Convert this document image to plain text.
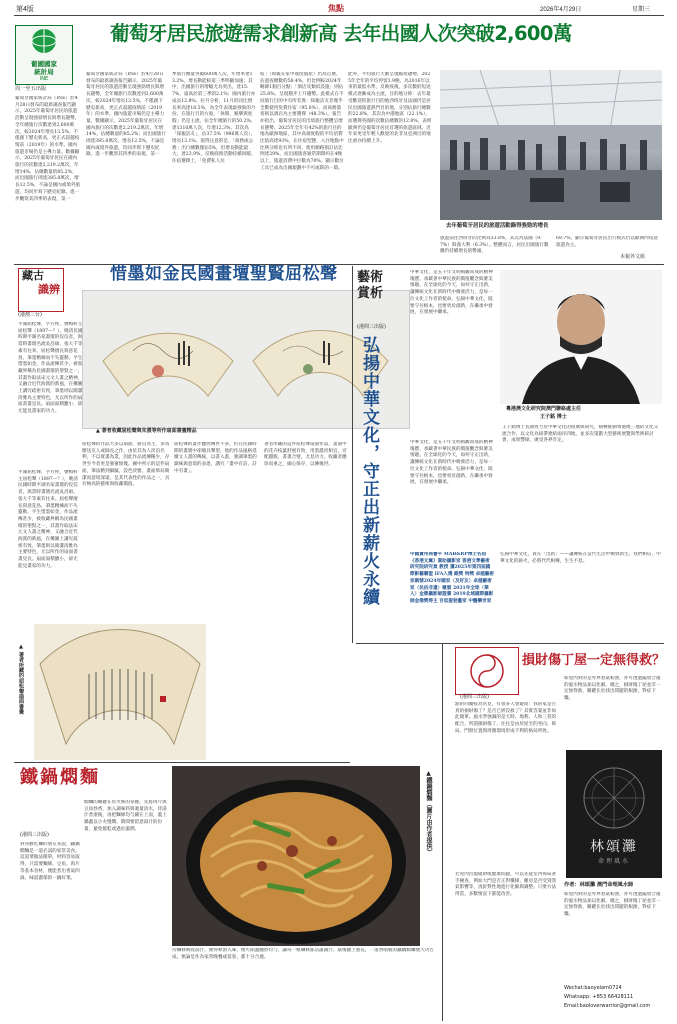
第4版	焦點	2026年4月29日	星期三
葡萄牙居民旅遊需求創新高 去年出國人次突破2,600萬
葡國國家
統計局
INE
周一至五出版
葡萄牙國家統計局（INE）於4月28日發布的最新調查報告顯示，2025年葡萄牙居民的旅遊活動呈現強勁增長與增長趨勢，全年總旅行次數達到2,600萬次，較2024年增長13.5%，不僅創下歷史新高，更正式超越疫情前（2019年）的水準。國內旅遊市場仍是主導力量。數據顯示，2025年葡萄牙居民在國內旅行的次數達2,219.2萬次，年增14%，佔總數量的85.2%；而出國旅行則達385.8萬次，增長12.5%，不論是國內或境外旅遊，均同步寫下歷史紀錄。進一步觀察其四季的表現，第一
葡萄牙國家統計局（INE）於4月28日發布的最新調查報告顯示，2025年葡萄牙居民的旅遊活動呈現強勁增長與增長趨勢，全年總旅行次數達到2,600萬次，較2024年增長13.5%，不僅創下歷史新高，更正式超越疫情前（2019年）的水準。國內旅遊市場仍是主導力量。數據顯示，2025年葡萄牙居民在國內旅行的次數達2,219.2萬次，年增14%，佔總數量的85.2%；而出國旅行則達385.8萬次，增長12.5%，不論是國內或境外旅遊，均同步寫下歷史紀錄。進一步觀察其四季的表現，第一
季旅行總量突破600萬人次，年增率達13.2%，增長動能較第三季明顯加速；其中，出國旅行的增幅尤為突出，達15.7%，遠高於第三季的2.1%；國內旅行亦成長12.8%。拉升分析，11月的同比增長率高達18.5%，為全年表現最強勁的月份。在旅行目的方面，「休閒、娛樂與度假」仍是主流，佔全年總旅行的50.2%，達1310萬人次，年增12.3%，其次為「探親訪友」，佔37.5%（986萬人次），增長13.1%。值得注意的是，「商務或公務」出行總數僅佔5%，但增長動能最大，達23.9%，反映商務活動持續回暖。住宿選擇上，「免費私人住
宿」（如親友家中或度假屋）仍為首選，佔過夜總數的58.4%，但比例較2024年略降1個百分點；「酒店及類似設施」則佔25.8%，呈現穩步上升趨勢。此模式在不同旅行目的中有所差異：探親訪友者幾乎全數使用免費住宿（95.0%），而商務旅客則以酒店為主要選擇（48.3%）。報告亦指出，葡萄牙居民的出境旅行整體呈增長態勢。2025年全年有42%的旅行目的地為歐洲地區，其中高端度假的平均消費比值高達93%，在住宿型態，入住地點中比例分佈也有所不同，使用網路預訂佔比例達29%，而出國旅客通常期間約在4晚以上，旅遊消費中位數為70%。顯示數位工具已成為出國規劃中不可或缺的一環。
此外，平均旅行天數呈現縮短趨勢，2025年全年的平均停留3.9晚，為2016年以來的最低水準，反映疫後，多次數的短途模式逐漸成為主流。目的地分佈：去年最受歡迎的旅行目的地西班牙及法國仍是居民出國旅遊熱門目的地，分別佔旅行總數的22.8%，其次為中港地區（22.1%），而選擇英國的次數佔總數的12.8%，表明歐洲仍是葡萄牙居民首選的旅遊區域。近年來更受年輕人歡迎的北非及亞洲目的地比重亦持續上升。
去年葡萄牙居民的旅遊活動錄得強勁的增長
旅遊前往西班牙的比例為33.8%，其次為法國（9.7%）與義大利（6.3%）。整體而言，居民出國旅行數據仍持續增長的勢頭。
69.7%，顯示葡萄牙居民出行模式仍以歐洲內短途旅遊為主。
本報外文組
藏古
識辨
(港澳三台)
惜墨如金民國畫壇聖賢屈松聲
▲ 著者收藏屈松聲與朱熹等所作扇面書畫精品
平湖屈松聲，字方侯，號梅軒主屈松聲（1897—？），晚清民國時期平湖名家畫壇的佼佼者，與當時畫壇名流吳昌碩、張大千等素有往來。屈松聲擅長寫意花鳥，筆墨精煉而不失靈動，平生惜墨如金，作品流傳甚少，被收藏界稱為民國畫壇的聖賢之一，其畫作取法宋元文人畫之精神，又融合近代海派的新風，在構圖上講究疏密有致，筆墨則以簡潔清雅為主要特色，尤以所作的扇面書畫見長。扇面面積雖小，卻尤能見畫家的功力。
平湖屈松聲，字方侯，號梅軒主屈松聲（1897—？），晚清民國時期平湖名家畫壇的佼佼者，與當時畫壇名流吳昌碩、張大千等素有往來。屈松聲擅長寫意花鳥，筆墨精煉而不失靈動，平生惜墨如金，作品流傳甚少，被收藏界稱為民國畫壇的聖賢之一，其畫作取法宋元文人畫之精神，又融合近代海派的新風，在構圖上講究疏密有致，筆墨則以簡潔清雅為主要特色，尤以所作的扇面書畫見長。扇面面積雖小，卻尤能見畫家的功力。
屈松聲的作品大多以扇面、冊頁為主，多為贈送友人或師長之作，由於其為人淡泊名利，不以賣畫為業，因此作品流傳稀少，存世至今者更是寥寥無幾。圖中所示的這件扇面，筆法精到細膩，設色淡雅，畫面佈局簡潔而意境深遠，是其代表性的作品之一，具有極高的藝術與收藏價值。
屈松聲的畫作雖然傳世不多，但在民國時期的畫壇中卻頗具聲望。他的作品風格延續文人畫的傳統，以書入畫，強調筆墨的韻味與意境的表達，講究「畫中有詩，詩中有畫」。
著者所藏的這件屈松聲扇面作品，畫面中的花卉枝葉舒展有致，用墨濃淡相宜，旁配題跋，書畫合璧，尤見功力。收藏者應珍而重之，細心保存，以傳後世。
▲ 著者所藏的屈松聲扇面書畫
藝術賞析
(港問三出版)
弘揚中華文化，守正出新薪火永續
中華文化，是五千年文明積澱而成的精神瑰寶，承載著中華民族的價值觀念與審美情趣。在全球化的今天，如何守正出新，讓傳統文化在新時代中煥發活力，是每一位文化工作者的使命。弘揚中華文化，既要守住根本，也要勇於創新，在繼承中發展，在發展中繼承。
中華文化，是五千年文明積澱而成的精神瑰寶，承載著中華民族的價值觀念與審美情趣。在全球化的今天，如何守正出新，讓傳統文化在新時代中煥發活力，是每一位文化工作者的使命。弘揚中華文化，既要守住根本，也要勇於創新，在繼承中發展，在發展中繼承。
粵港澳文化研究院澳門聯絡處主任
王子銘 博士
王子銘博士長期致力於中華文化的推廣與研究，積極推動粵港澳三地的文化交流合作，以文化為紐帶連結兩岸四地，並多次策劃大型藝術展覽與學術研討會，成果豐碩，廣受各界肯定。
中國貴州商譽平 MAB&RP博士名指《香港文翼》資助攝影家 香港文學藝術研究院研究員 教授 獲2025年第四屆國際影藝聯盟 IFA入選 銀獎 特獎 卓越藝術家稱號2024年國家（及好友）卓越藝術家（民俗非遺）稱號 2021年全球（華人）金牌攝影師證書 2019北域國際攝影師金像獎得主 百低聖勃畫家 中醫藥世家
弘揚中華文化，貴在「出新」——讓傳統在當代生活中煥發新生。我們相信，中華文化的薪火，必將代代相傳，生生不息。
損財傷丁屋一定無得救？
(港問三出版)
點的回覆較為常見，有很多人會疑問：我的家是否真的損財傷丁？是否已經沒救了？其實答案並非如此簡單。風水學強調的是天時、地利、人和三者的配合，所謂損財傷丁，往往是由於屋宅的坐向、佈局、門窗位置與周圍環境形成不利的格局所致。
若屋內出現破財或健康問題，可以先從室內佈局著手檢查，例如大門是否正對樓梯、睡房是否受到煞氣影響等，再針對性地進行化解與調整。只要方法得當，多數情況下都能改善。
如屋內對的是外界煞氣較強，亦可透過擺放合適的風水物品加以化解。總之，損財傷丁屋並非一定無得救，關鍵在於找出問題的根源，對症下藥。
林頌灘
命理風水
作者：林頌灘 澳門命理風水師
如屋內對的是外界煞氣較強，亦可透過擺放合適的風水物品加以化解。總之，損財傷丁屋並非一定無得救，關鍵在於找出問題的根源，對症下藥。
Wechat:baoyelam0724
Whatsapp: +853 66428111
Email:baoloverwarrior@gmail.com
鐵鍋燜麵
(港問三出版)
對喜歡吃麵的朋友來說，鐵鍋燜麵是一道必試的家常美食。這道菜做法簡單，材料容易取得，只需要麵條、豆角、肉片等基本食材，便能煮出香氣四溢、味道濃郁的一鍋好菜。
燜麵的關鍵在於火候的掌握。先將肉片與豆角炒香，加入調味料與適量清水，待湯汁煮滾後，再把麵條均勻鋪在上面，蓋上鍋蓋以小火慢燜。期間要留意湯汁的份量，避免燒乾或過於濕潤。
待麵條吸收湯汁、變得軟滑入味，便可開蓋翻炒均勻，讓每一根麵條都沾滿醬汁。最後撒上蔥花，一道香噴噴的鐵鍋燜麵便大功告成，無論是作為家常晚餐或宴客，都十分合適。
▲鐵鍋燜麵（圖片由作者提供）
